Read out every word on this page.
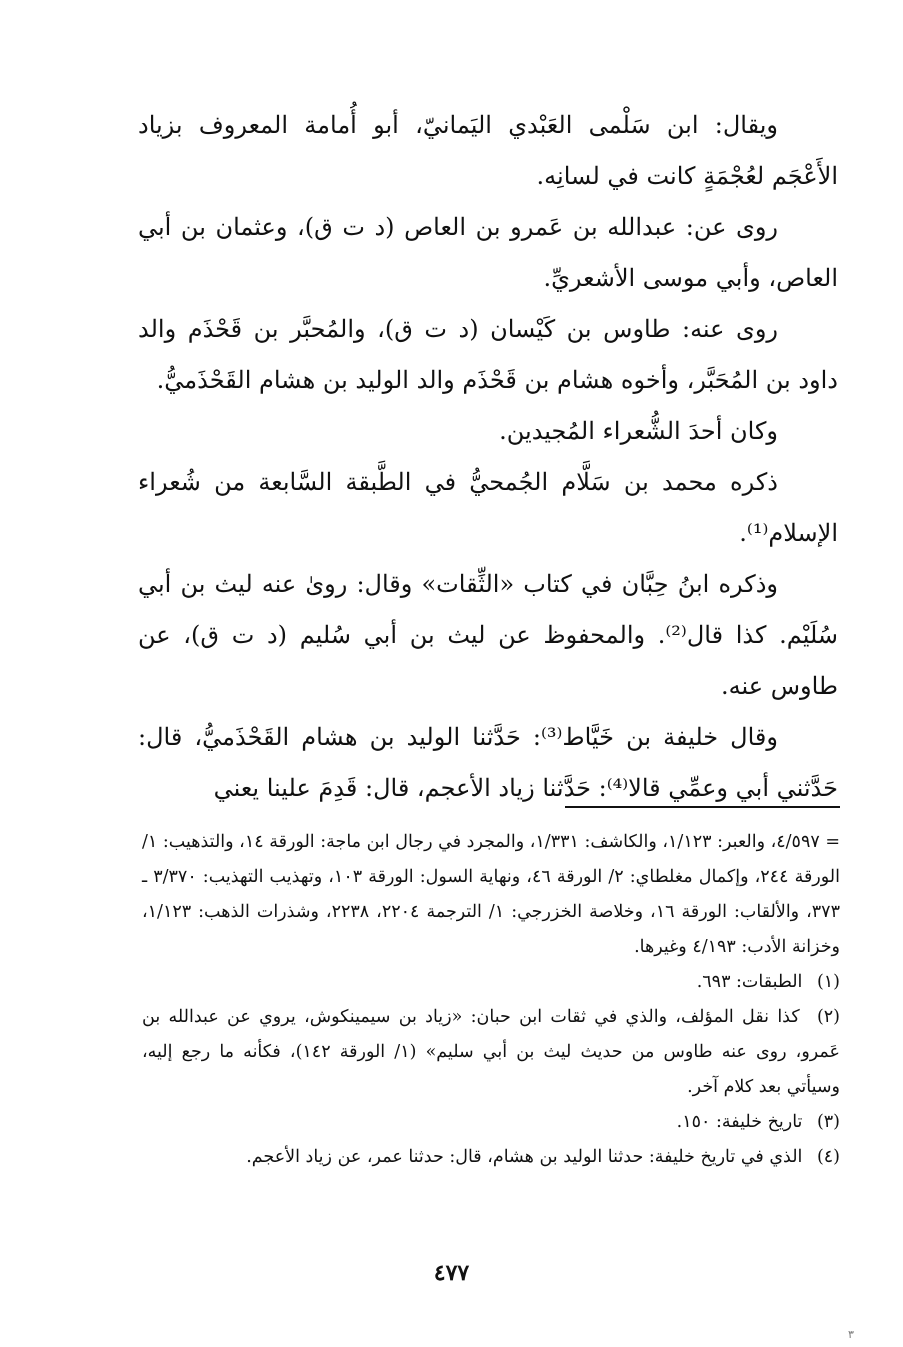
ويقال: ابن سَلْمى العَبْدي اليَمانيّ، أبو أُمامة المعروف بزياد الأَعْجَم لعُجْمَةٍ كانت في لسانِه.

روى عن: عبدالله بن عَمرو بن العاص (د ت ق)، وعثمان بن أبي العاص، وأبي موسى الأشعريِّ.

روى عنه: طاوس بن كَيْسان (د ت ق)، والمُحبَّر بن قَحْذَم والد داود بن المُحَبَّر، وأخوه هشام بن قَحْذَم والد الوليد بن هشام القَحْذَميُّ.

وكان أحدَ الشُّعراء المُجيدين.

ذكره محمد بن سَلَّام الجُمحيُّ في الطَّبقة السَّابعة من شُعراء الإسلام⁽¹⁾.

وذكره ابنُ حِبَّان في كتاب «الثِّقات» وقال: روىٰ عنه ليث بن أبي سُلَيْم. كذا قال⁽²⁾. والمحفوظ عن ليث بن أبي سُليم (د ت ق)، عن طاوس عنه.

وقال خليفة بن خَيَّاط⁽³⁾: حَدَّثنا الوليد بن هشام القَحْذَميُّ، قال: حَدَّثني أبي وعمِّي قالا⁽⁴⁾: حَدَّثنا زياد الأعجم، قال: قَدِمَ علينا يعني

= ٤/٥٩٧، والعبر: ١/١٢٣، والكاشف: ١/٣٣١، والمجرد في رجال ابن ماجة: الورقة ١٤، والتذهيب: ١/ الورقة ٢٤٤، وإكمال مغلطاي: ٢/ الورقة ٤٦، ونهاية السول: الورقة ١٠٣، وتهذيب التهذيب: ٣/٣٧٠ ـ ٣٧٣، والألقاب: الورقة ١٦، وخلاصة الخزرجي: ١/ الترجمة ٢٢٠٤، ٢٢٣٨، وشذرات الذهب: ١/١٢٣، وخزانة الأدب: ٤/١٩٣ وغيرها.

(١) الطبقات: ٦٩٣.

(٢) كذا نقل المؤلف، والذي في ثقات ابن حبان: «زياد بن سيمينكوش، يروي عن عبدالله بن عَمرو، روى عنه طاوس من حديث ليث بن أبي سليم» (١/ الورقة ١٤٢)، فكأنه ما رجع إليه، وسيأتي بعد كلام آخر.

(٣) تاريخ خليفة: ١٥٠.

(٤) الذي في تاريخ خليفة: حدثنا الوليد بن هشام، قال: حدثنا عمر، عن زياد الأعجم.

٤٧٧
٣
